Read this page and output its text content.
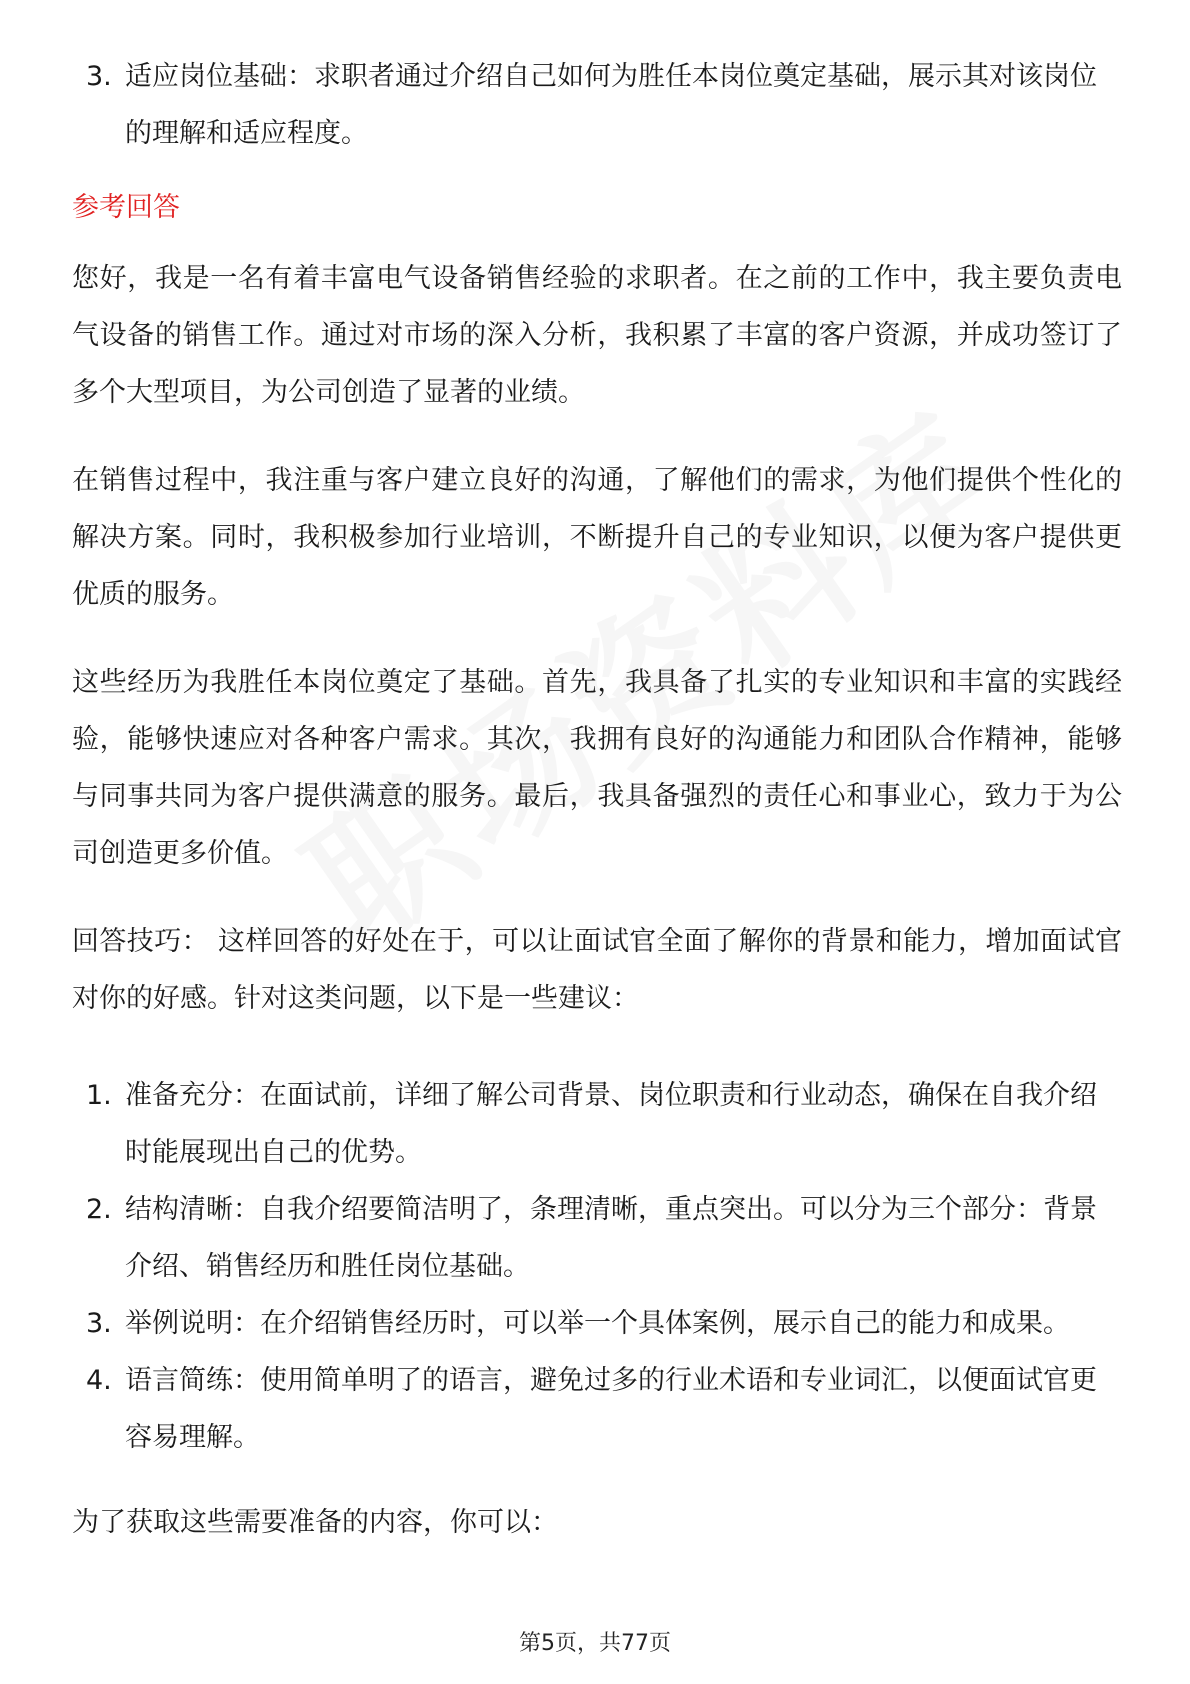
3. 适应岗位基础：求职者通过介绍自己如何为胜任本岗位奠定基础，展示其对该岗位的理解和适应程度。
参考回答

您好，我是一名有着丰富电气设备销售经验的求职者。在之前的工作中，我主要负责电气设备的销售工作。通过对市场的深入分析，我积累了丰富的客户资源，并成功签订了多个大型项目，为公司创造了显著的业绩。

在销售过程中，我注重与客户建立良好的沟通，了解他们的需求，为他们提供个性化的解决方案。同时，我积极参加行业培训，不断提升自己的专业知识，以便为客户提供更优质的服务。

这些经历为我胜任本岗位奠定了基础。首先，我具备了扎实的专业知识和丰富的实践经验，能够快速应对各种客户需求。其次，我拥有良好的沟通能力和团队合作精神，能够与同事共同为客户提供满意的服务。最后，我具备强烈的责任心和事业心，致力于为公司创造更多价值。

回答技巧： 这样回答的好处在于，可以让面试官全面了解你的背景和能力，增加面试官对你的好感。针对这类问题，以下是一些建议：

1. 准备充分：在面试前，详细了解公司背景、岗位职责和行业动态，确保在自我介绍时能展现出自己的优势。
2. 结构清晰：自我介绍要简洁明了，条理清晰，重点突出。可以分为三个部分：背景介绍、销售经历和胜任岗位基础。
3. 举例说明：在介绍销售经历时，可以举一个具体案例，展示自己的能力和成果。
4. 语言简练：使用简单明了的语言，避免过多的行业术语和专业词汇，以便面试官更容易理解。

为了获取这些需要准备的内容，你可以：

第5页，共77页
